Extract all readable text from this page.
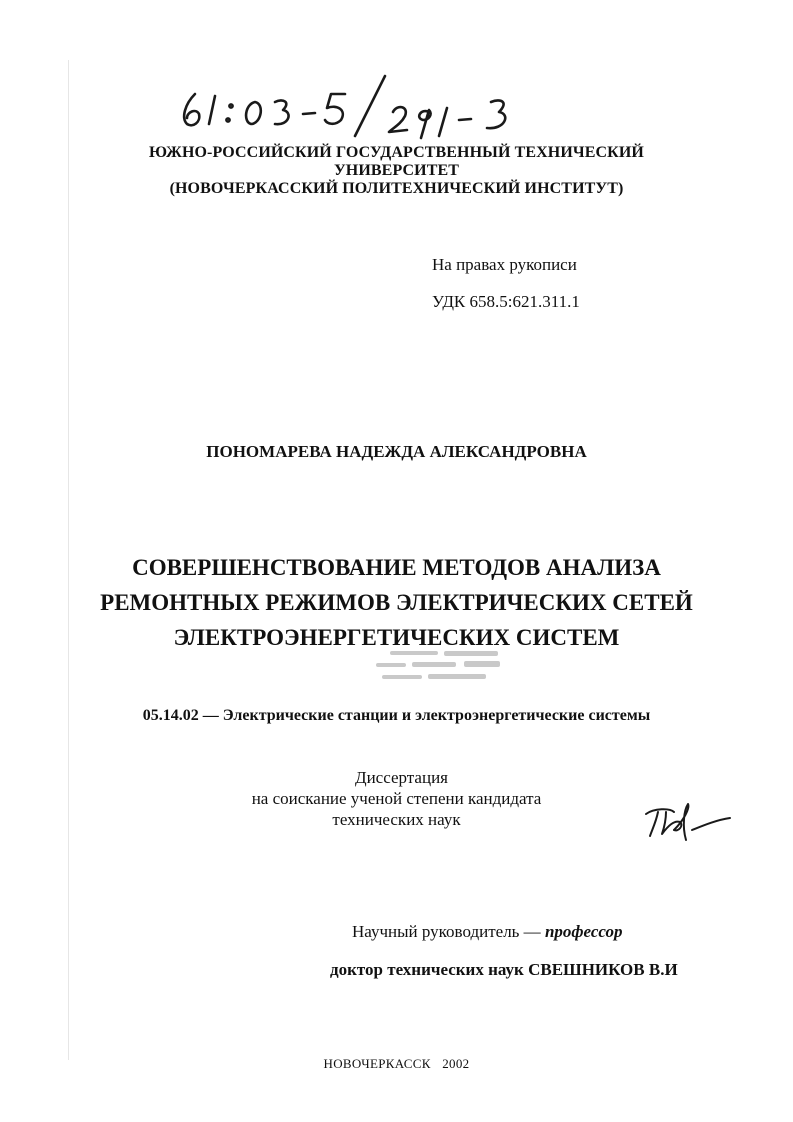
ЮЖНО-РОССИЙСКИЙ ГОСУДАРСТВЕННЫЙ ТЕХНИЧЕСКИЙ
УНИВЕРСИТЕТ
(НОВОЧЕРКАССКИЙ ПОЛИТЕХНИЧЕСКИЙ ИНСТИТУТ)
На правах рукописи
УДК 658.5:621.311.1
ПОНОМАРЕВА НАДЕЖДА АЛЕКСАНДРОВНА
СОВЕРШЕНСТВОВАНИЕ МЕТОДОВ АНАЛИЗА
РЕМОНТНЫХ РЕЖИМОВ ЭЛЕКТРИЧЕСКИХ СЕТЕЙ
ЭЛЕКТРОЭНЕРГЕТИЧЕСКИХ СИСТЕМ
05.14.02 — Электрические станции и электроэнергетические системы
Диссертация
на соискание ученой степени кандидата
технических наук
Научный руководитель — профессор
доктор технических наук СВЕШНИКОВ В.И
НОВОЧЕРКАССК 2002
